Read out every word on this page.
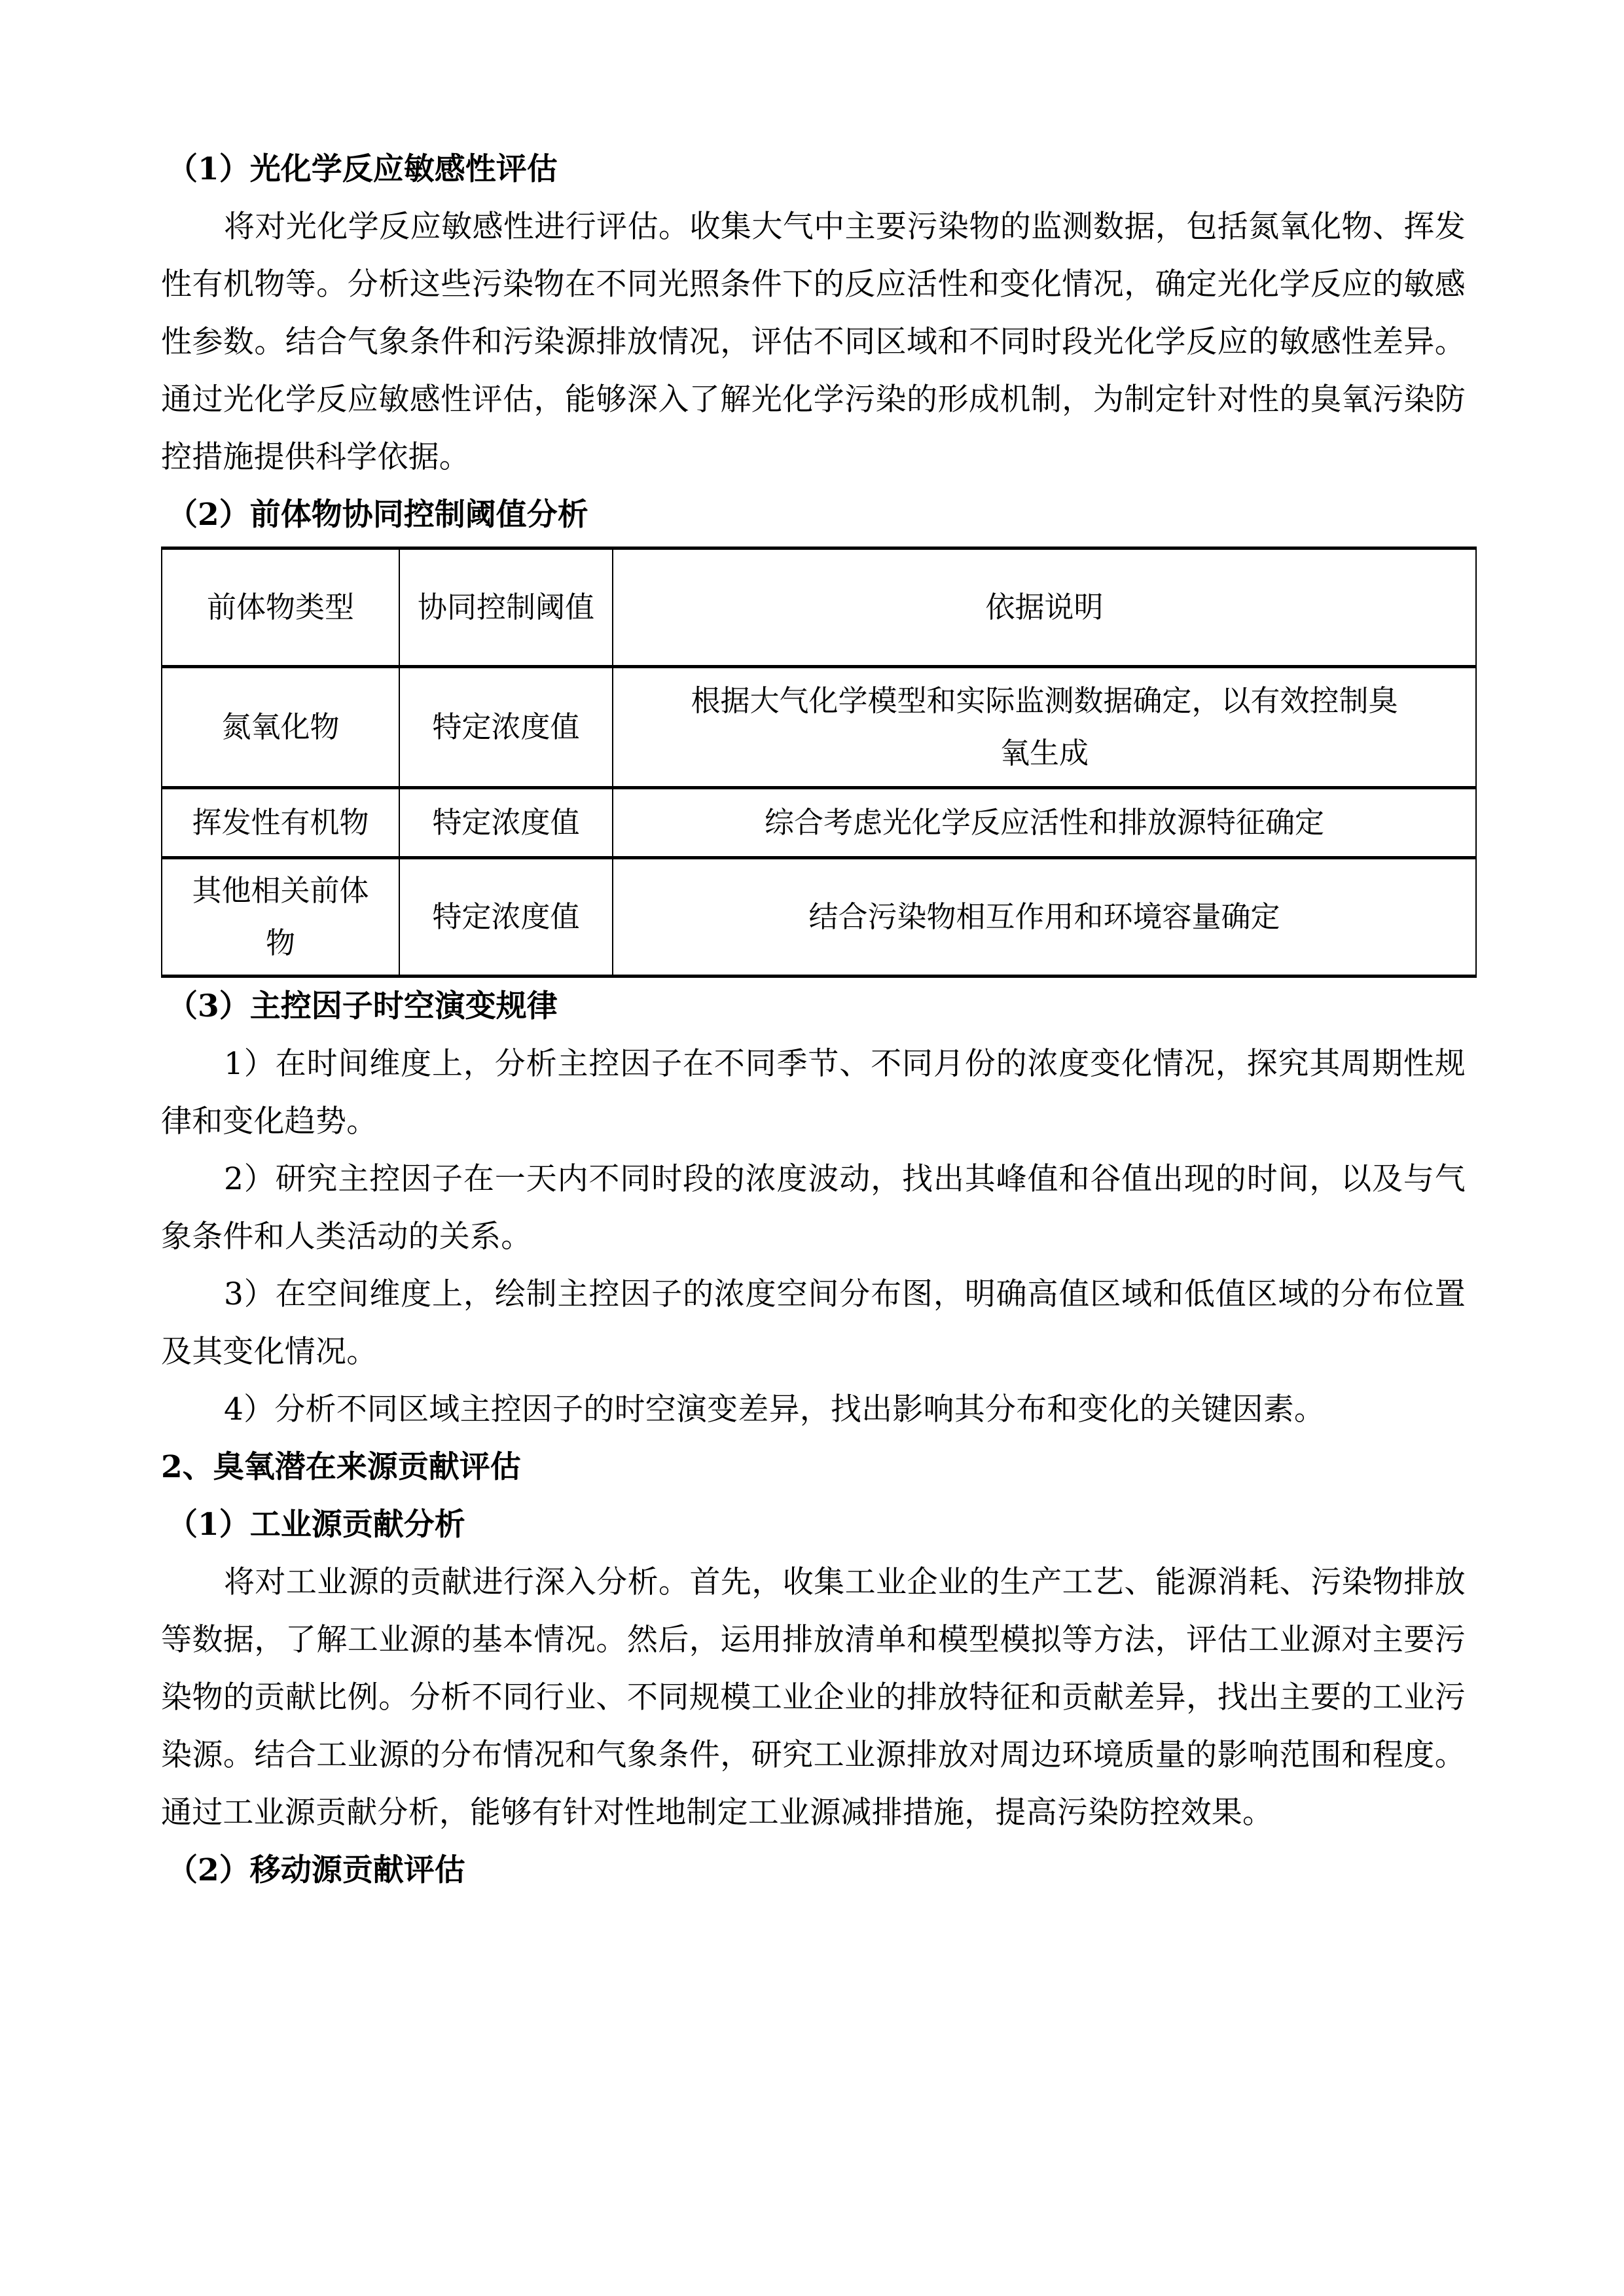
（1）光化学反应敏感性评估

将对光化学反应敏感性进行评估。收集大气中主要污染物的监测数据，包括氮氧化物、挥发性有机物等。分析这些污染物在不同光照条件下的反应活性和变化情况，确定光化学反应的敏感性参数。结合气象条件和污染源排放情况，评估不同区域和不同时段光化学反应的敏感性差异。通过光化学反应敏感性评估，能够深入了解光化学污染的形成机制，为制定针对性的臭氧污染防控措施提供科学依据。

（2）前体物协同控制阈值分析
前体物类型	协同控制阈值	依据说明

氮氧化物	特定浓度值	根据大气化学模型和实际监测数据确定，以有效控制臭氧生成

挥发性有机物	特定浓度值	综合考虑光化学反应活性和排放源特征确定

其他相关前体物	特定浓度值	结合污染物相互作用和环境容量确定
（3）主控因子时空演变规律

1）在时间维度上，分析主控因子在不同季节、不同月份的浓度变化情况，探究其周期性规律和变化趋势。

2）研究主控因子在一天内不同时段的浓度波动，找出其峰值和谷值出现的时间，以及与气象条件和人类活动的关系。

3）在空间维度上，绘制主控因子的浓度空间分布图，明确高值区域和低值区域的分布位置及其变化情况。

4）分析不同区域主控因子的时空演变差异，找出影响其分布和变化的关键因素。

2、臭氧潜在来源贡献评估
（1）工业源贡献分析

将对工业源的贡献进行深入分析。首先，收集工业企业的生产工艺、能源消耗、污染物排放等数据，了解工业源的基本情况。然后，运用排放清单和模型模拟等方法，评估工业源对主要污染物的贡献比例。分析不同行业、不同规模工业企业的排放特征和贡献差异，找出主要的工业污染源。结合工业源的分布情况和气象条件，研究工业源排放对周边环境质量的影响范围和程度。通过工业源贡献分析，能够有针对性地制定工业源减排措施，提高污染防控效果。

（2）移动源贡献评估
